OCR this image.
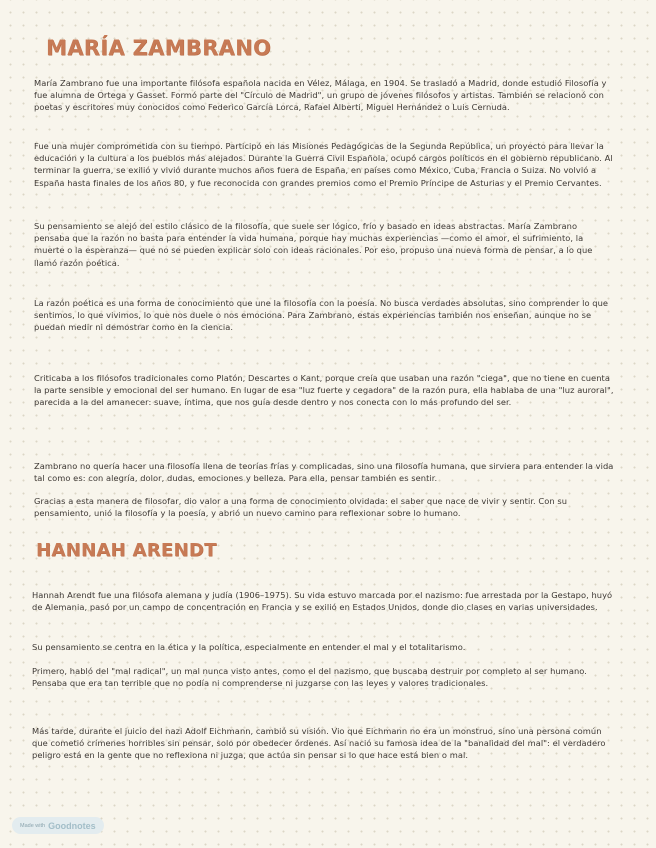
MARÍA ZAMBRANO

María Zambrano fue una importante filósofa española nacida en Vélez, Málaga, en 1904. Se trasladó a Madrid, donde estudió Filosofía y fue alumna de Ortega y Gasset. Formó parte del "Círculo de Madrid", un grupo de jóvenes filósofos y artistas. También se relacionó con poetas y escritores muy conocidos como Federico García Lorca, Rafael Alberti, Miguel Hernández o Luis Cernuda.

Fue una mujer comprometida con su tiempo. Participó en las Misiones Pedagógicas de la Segunda República, un proyecto para llevar la educación y la cultura a los pueblos más alejados. Durante la Guerra Civil Española, ocupó cargos políticos en el gobierno republicano. Al terminar la guerra, se exilió y vivió durante muchos años fuera de España, en países como México, Cuba, Francia o Suiza. No volvió a España hasta finales de los años 80, y fue reconocida con grandes premios como el Premio Príncipe de Asturias y el Premio Cervantes.

Su pensamiento se alejó del estilo clásico de la filosofía, que suele ser lógico, frío y basado en ideas abstractas. María Zambrano pensaba que la razón no basta para entender la vida humana, porque hay muchas experiencias —como el amor, el sufrimiento, la muerte o la esperanza— que no se pueden explicar solo con ideas racionales. Por eso, propuso una nueva forma de pensar, a lo que llamó razón poética.

La razón poética es una forma de conocimiento que une la filosofía con la poesía. No busca verdades absolutas, sino comprender lo que sentimos, lo que vivimos, lo que nos duele o nos emociona. Para Zambrano, estas experiencias también nos enseñan, aunque no se puedan medir ni demostrar como en la ciencia.

Criticaba a los filósofos tradicionales como Platón, Descartes o Kant, porque creía que usaban una razón "ciega", que no tiene en cuenta la parte sensible y emocional del ser humano. En lugar de esa "luz fuerte y cegadora" de la razón pura, ella hablaba de una "luz auroral", parecida a la del amanecer: suave, íntima, que nos guía desde dentro y nos conecta con lo más profundo del ser.

Zambrano no quería hacer una filosofía llena de teorías frías y complicadas, sino una filosofía humana, que sirviera para entender la vida tal como es: con alegría, dolor, dudas, emociones y belleza. Para ella, pensar también es sentir.

Gracias a esta manera de filosofar, dio valor a una forma de conocimiento olvidada: el saber que nace de vivir y sentir. Con su pensamiento, unió la filosofía y la poesía, y abrió un nuevo camino para reflexionar sobre lo humano.

HANNAH ARENDT

Hannah Arendt fue una filósofa alemana y judía (1906–1975). Su vida estuvo marcada por el nazismo: fue arrestada por la Gestapo, huyó de Alemania, pasó por un campo de concentración en Francia y se exilió en Estados Unidos, donde dio clases en varias universidades.

Su pensamiento se centra en la ética y la política, especialmente en entender el mal y el totalitarismo.

Primero, habló del "mal radical", un mal nunca visto antes, como el del nazismo, que buscaba destruir por completo al ser humano. Pensaba que era tan terrible que no podía ni comprenderse ni juzgarse con las leyes y valores tradicionales.

Más tarde, durante el juicio del nazi Adolf Eichmann, cambió su visión. Vio que Eichmann no era un monstruo, sino una persona común que cometió crímenes horribles sin pensar, solo por obedecer órdenes. Así nació su famosa idea de la "banalidad del mal": el verdadero peligro está en la gente que no reflexiona ni juzga, que actúa sin pensar si lo que hace está bien o mal.

Made with Goodnotes
